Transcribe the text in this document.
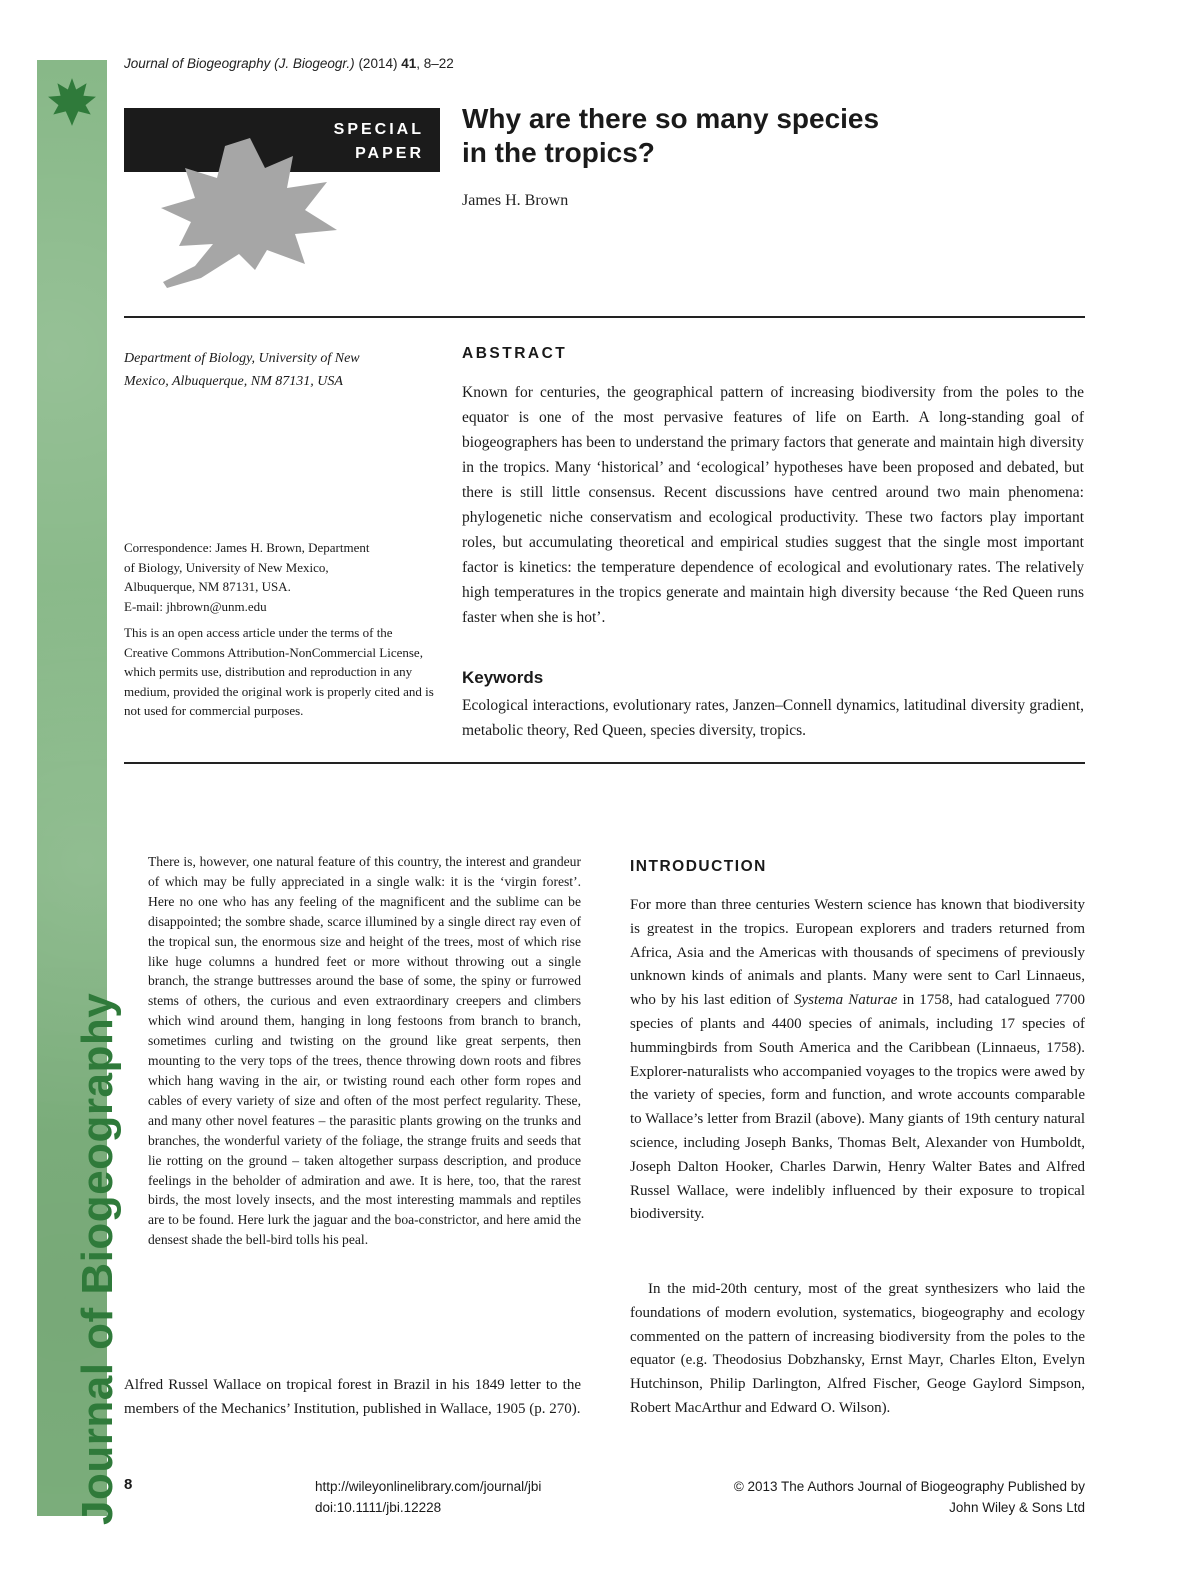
Journal of Biogeography
Journal of Biogeography (J. Biogeogr.) (2014) 41, 8–22
SPECIAL
PAPER
Why are there so many species
in the tropics?
James H. Brown
Department of Biology, University of New
Mexico, Albuquerque, NM 87131, USA
Correspondence: James H. Brown, Department
of Biology, University of New Mexico,
Albuquerque, NM 87131, USA.
E-mail: jhbrown@unm.edu
This is an open access article under the terms of the Creative Commons Attribution-NonCommercial License, which permits use, distribution and reproduction in any medium, provided the original work is properly cited and is not used for commercial purposes.
ABSTRACT

Known for centuries, the geographical pattern of increasing biodiversity from the poles to the equator is one of the most pervasive features of life on Earth. A long-standing goal of biogeographers has been to understand the primary factors that generate and maintain high diversity in the tropics. Many ‘historical’ and ‘ecological’ hypotheses have been proposed and debated, but there is still little consensus. Recent discussions have centred around two main phenomena: phylogenetic niche conservatism and ecological productivity. These two factors play important roles, but accumulating theoretical and empirical studies suggest that the single most important factor is kinetics: the temperature dependence of ecological and evolutionary rates. The relatively high temperatures in the tropics generate and maintain high diversity because ‘the Red Queen runs faster when she is hot’.

Keywords

Ecological interactions, evolutionary rates, Janzen–Connell dynamics, latitudinal diversity gradient, metabolic theory, Red Queen, species diversity, tropics.

There is, however, one natural feature of this country, the interest and grandeur of which may be fully appreciated in a single walk: it is the ‘virgin forest’. Here no one who has any feeling of the magnificent and the sublime can be disappointed; the sombre shade, scarce illumined by a single direct ray even of the tropical sun, the enormous size and height of the trees, most of which rise like huge columns a hundred feet or more without throwing out a single branch, the strange buttresses around the base of some, the spiny or furrowed stems of others, the curious and even extraordinary creepers and climbers which wind around them, hanging in long festoons from branch to branch, sometimes curling and twisting on the ground like great serpents, then mounting to the very tops of the trees, thence throwing down roots and fibres which hang waving in the air, or twisting round each other form ropes and cables of every variety of size and often of the most perfect regularity. These, and many other novel features – the parasitic plants growing on the trunks and branches, the wonderful variety of the foliage, the strange fruits and seeds that lie rotting on the ground – taken altogether surpass description, and produce feelings in the beholder of admiration and awe. It is here, too, that the rarest birds, the most lovely insects, and the most interesting mammals and reptiles are to be found. Here lurk the jaguar and the boa-constrictor, and here amid the densest shade the bell-bird tolls his peal.

Alfred Russel Wallace on tropical forest in Brazil in his 1849 letter to the members of the Mechanics’ Institution, published in Wallace, 1905 (p. 270).

INTRODUCTION

For more than three centuries Western science has known that biodiversity is greatest in the tropics. European explorers and traders returned from Africa, Asia and the Americas with thousands of specimens of previously unknown kinds of animals and plants. Many were sent to Carl Linnaeus, who by his last edition of Systema Naturae in 1758, had catalogued 7700 species of plants and 4400 species of animals, including 17 species of hummingbirds from South America and the Caribbean (Linnaeus, 1758). Explorer-naturalists who accompanied voyages to the tropics were awed by the variety of species, form and function, and wrote accounts comparable to Wallace’s letter from Brazil (above). Many giants of 19th century natural science, including Joseph Banks, Thomas Belt, Alexander von Humboldt, Joseph Dalton Hooker, Charles Darwin, Henry Walter Bates and Alfred Russel Wallace, were indelibly influenced by their exposure to tropical biodiversity.

In the mid-20th century, most of the great synthesizers who laid the foundations of modern evolution, systematics, biogeography and ecology commented on the pattern of increasing biodiversity from the poles to the equator (e.g. Theodosius Dobzhansky, Ernst Mayr, Charles Elton, Evelyn Hutchinson, Philip Darlington, Alfred Fischer, Geoge Gaylord Simpson, Robert MacArthur and Edward O. Wilson).

8	http://wileyonlinelibrary.com/journal/jbi
doi:10.1111/jbi.12228
© 2013 The Authors Journal of Biogeography Published by
John Wiley & Sons Ltd
